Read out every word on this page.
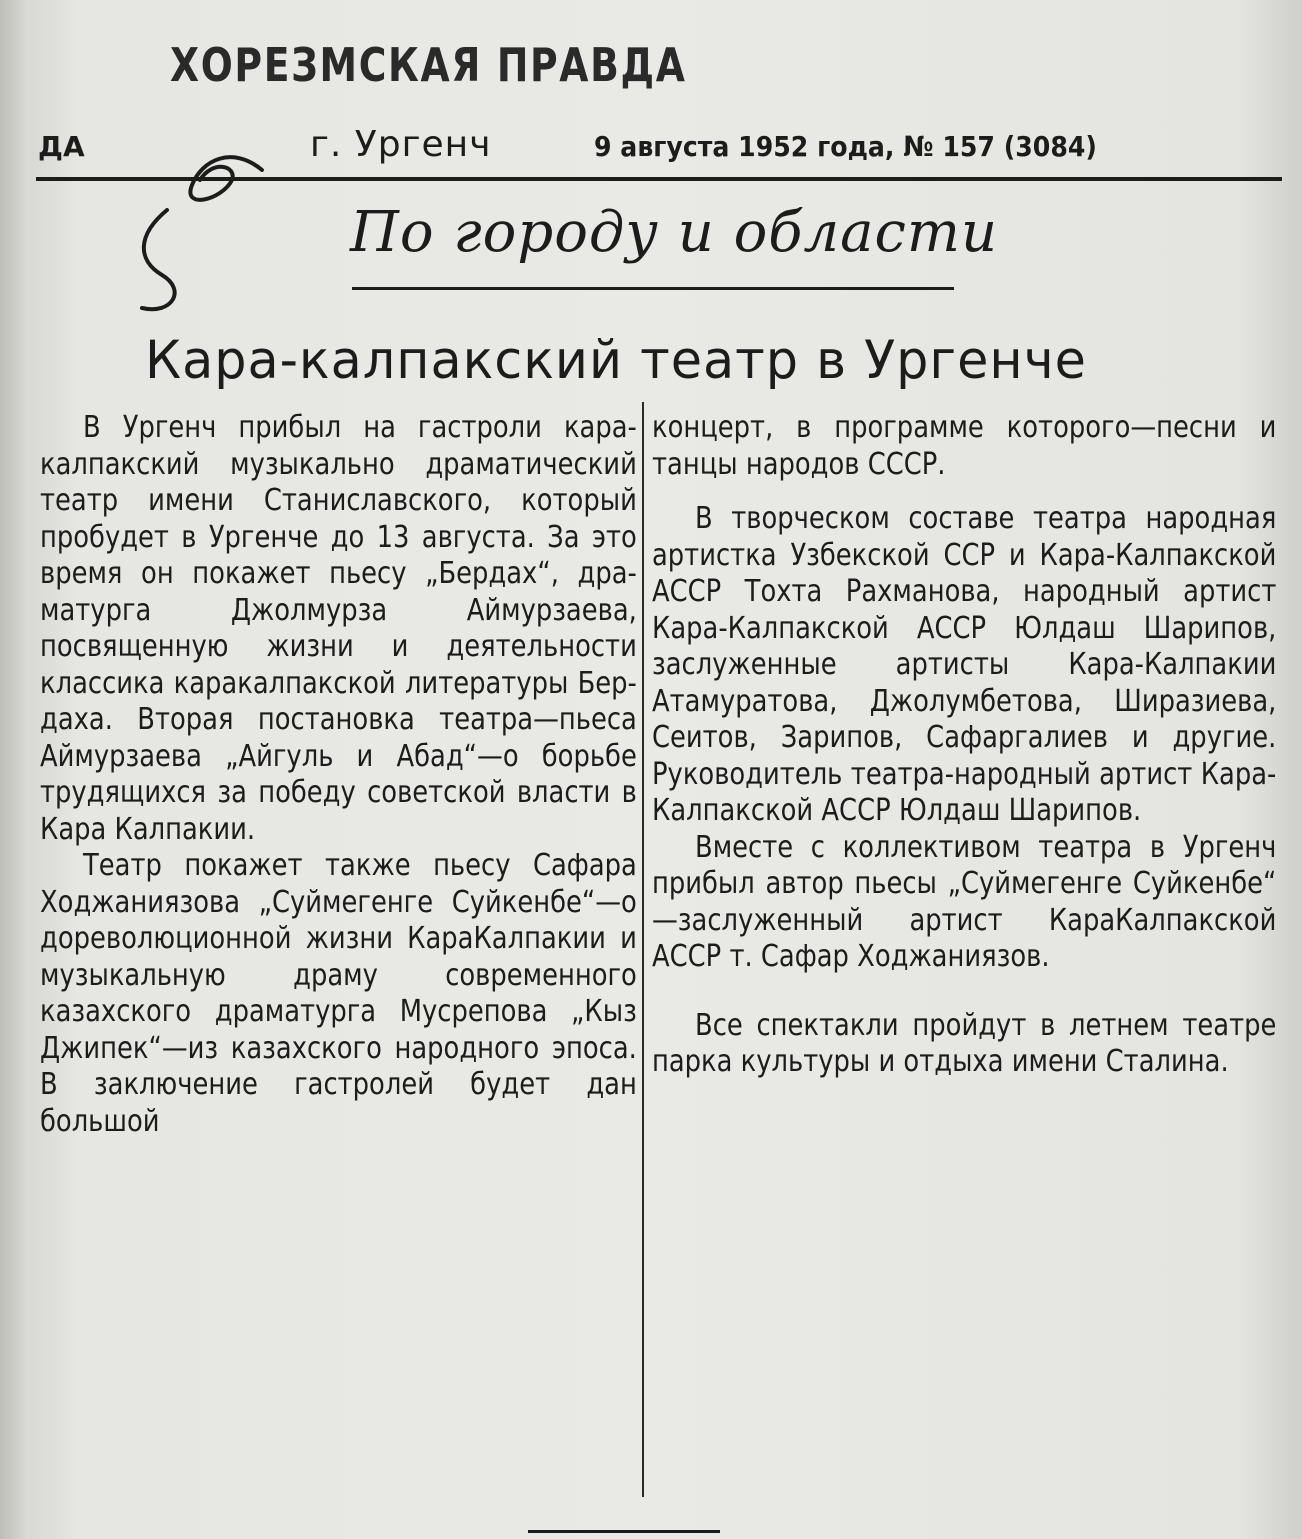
ХОРЕЗМСКАЯ ПРАВДА
ДА	г. Ургенч	9 августа 1952 года, № 157 (3084)
По городу и области
Кара-калпакский театр в Ургенче

В Ургенч прибыл на гастроли кара-калпакский музыкально драматический театр имени Станиславского, который пробудет в Ургенче до 13 августа. За это время он покажет пьесу „Бердах“, драматурга Джолмурза Аймурзаева, посвященную жизни и деятельности классика каракалпакской литературы Бердаха. Вторая постановка театра—пьеса Аймурзаева „Айгуль и Абад“—о борьбе трудящихся за победу советской власти в Кара Калпакии.

Театр покажет также пьесу Сафара Ходжаниязова „Суймегенге Суйкенбе“—о дореволюционной жизни КараКалпакии и музыкальную драму современного казахского драматурга Мусрепова „Кыз Джипек“—из казахского народного эпоса. В заключение гастролей будет дан большой

концерт, в программе которого—песни и танцы народов СССР.

В творческом составе театра народная артистка Узбекской ССР и Кара-Калпакской АССР Тохта Рахманова, народный артист Кара-Калпакской АССР Юлдаш Шарипов, заслуженные артисты Кара-Калпакии Атамуратова, Джолумбетова, Ширазиева, Сеитов, Зарипов, Сафаргалиев и другие. Руководитель театра-народный артист Кара-Калпакской АССР Юлдаш Шарипов.

Вместе с коллективом театра в Ургенч прибыл автор пьесы „Суймегенге Суйкенбе“ —заслуженный артист КараКалпакской АССР т. Сафар Ходжаниязов.

Все спектакли пройдут в летнем театре парка культуры и отдыха имени Сталина.
